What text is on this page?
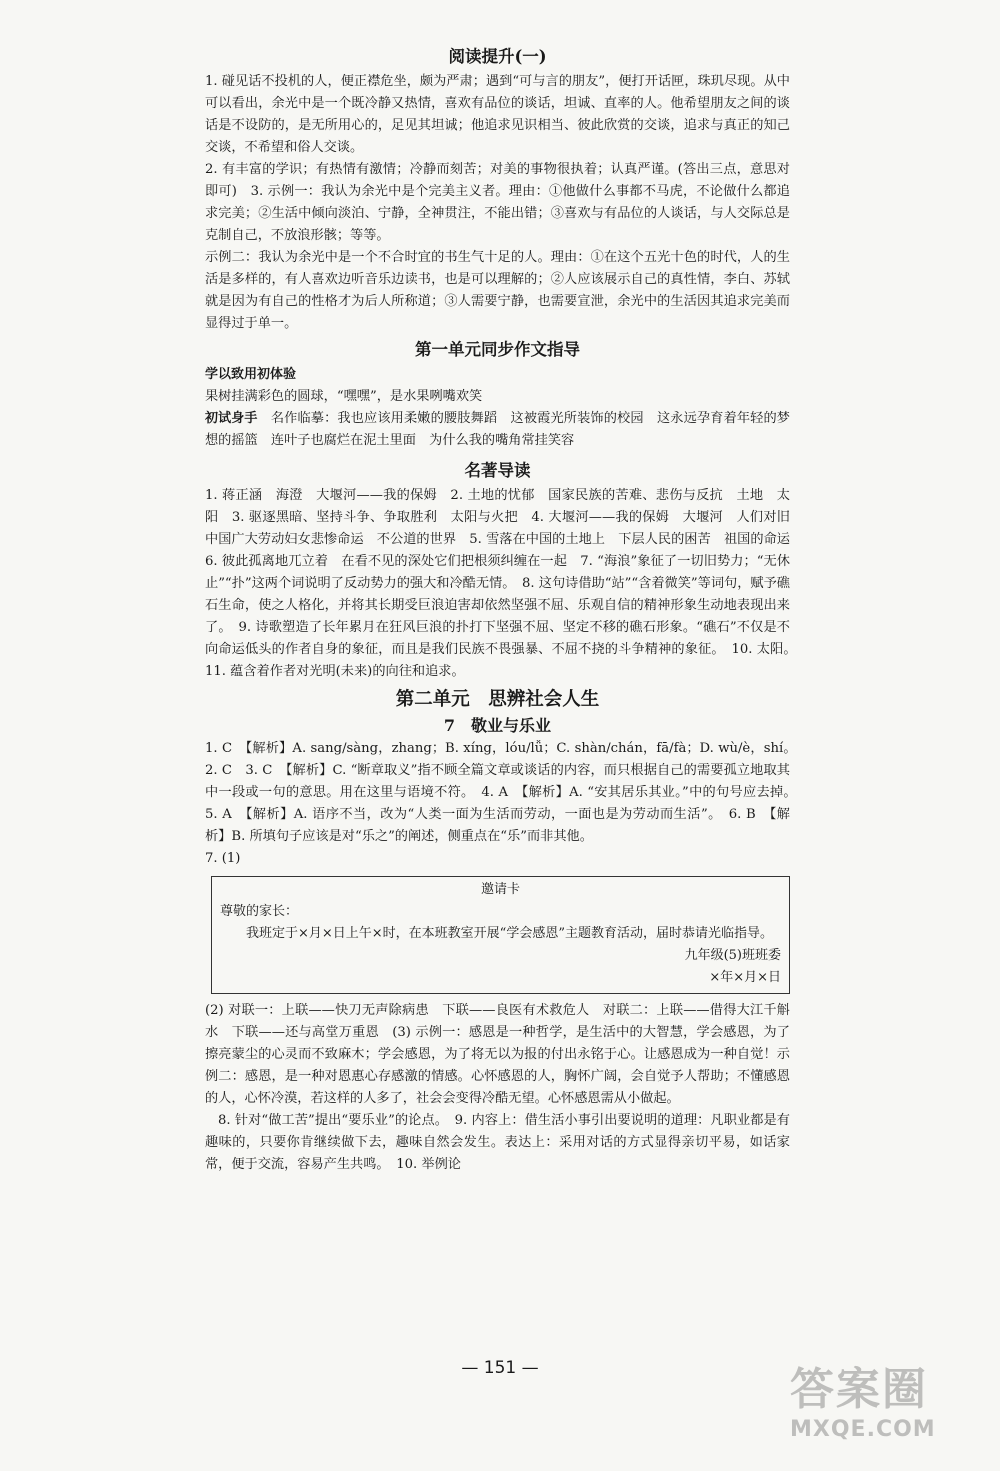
阅读提升(一)

1. 碰见话不投机的人，便正襟危坐，颇为严肃；遇到“可与言的朋友”，便打开话匣，珠玑尽现。从中可以看出，余光中是一个既冷静又热情，喜欢有品位的谈话，坦诚、直率的人。他希望朋友之间的谈话是不设防的，是无所用心的，足见其坦诚；他追求见识相当、彼此欣赏的交谈，追求与真正的知己交谈，不希望和俗人交谈。

2. 有丰富的学识；有热情有激情；冷静而刻苦；对美的事物很执着；认真严谨。(答出三点，意思对即可)　3. 示例一：我认为余光中是个完美主义者。理由：①他做什么事都不马虎，不论做什么都追求完美；②生活中倾向淡泊、宁静，全神贯注，不能出错；③喜欢与有品位的人谈话，与人交际总是克制自己，不放浪形骸；等等。

示例二：我认为余光中是一个不合时宜的书生气十足的人。理由：①在这个五光十色的时代，人的生活是多样的，有人喜欢边听音乐边读书，也是可以理解的；②人应该展示自己的真性情，李白、苏轼就是因为有自己的性格才为后人所称道；③人需要宁静，也需要宣泄，余光中的生活因其追求完美而显得过于单一。

第一单元同步作文指导
学以致用初体验

果树挂满彩色的圆球，“嘿嘿”，是水果咧嘴欢笑

初试身手　名作临摹：我也应该用柔嫩的腰肢舞蹈　这被霞光所装饰的校园　这永远孕育着年轻的梦想的摇篮　连叶子也腐烂在泥土里面　为什么我的嘴角常挂笑容

名著导读

1. 蒋正涵　海澄　大堰河——我的保姆　2. 土地的忧郁　国家民族的苦难、悲伤与反抗　土地　太阳　3. 驱逐黑暗、坚持斗争、争取胜利　太阳与火把　4. 大堰河——我的保姆　大堰河　人们对旧中国广大劳动妇女悲惨命运　不公道的世界　5. 雪落在中国的土地上　下层人民的困苦　祖国的命运　6. 彼此孤离地兀立着　在看不见的深处它们把根须纠缠在一起　7. “海浪”象征了一切旧势力；“无休止”“扑”这两个词说明了反动势力的强大和冷酷无情。　8. 这句诗借助“站”“含着微笑”等词句，赋予礁石生命，使之人格化，并将其长期受巨浪迫害却依然坚强不屈、乐观自信的精神形象生动地表现出来了。　9. 诗歌塑造了长年累月在狂风巨浪的扑打下坚强不屈、坚定不移的礁石形象。“礁石”不仅是不向命运低头的作者自身的象征，而且是我们民族不畏强暴、不屈不挠的斗争精神的象征。　10. 太阳。　11. 蕴含着作者对光明(未来)的向往和追求。

第二单元　思辨社会人生
7　敬业与乐业

1. C　【解析】A. sang/sàng，zhang；B. xíng，lóu/lǚ；C. shàn/chán，fā/fà；D. wù/è，shí。　2. C　3. C　【解析】C. “断章取义”指不顾全篇文章或谈话的内容，而只根据自己的需要孤立地取其中一段或一句的意思。用在这里与语境不符。　4. A　【解析】A. “安其居乐其业。”中的句号应去掉。　5. A　【解析】A. 语序不当，改为“人类一面为生活而劳动，一面也是为劳动而生活”。　6. B　【解析】B. 所填句子应该是对“乐之”的阐述，侧重点在“乐”而非其他。

7. (1)

邀请卡
尊敬的家长：
我班定于×月×日上午×时，在本班教室开展“学会感恩”主题教育活动，届时恭请光临指导。
九年级(5)班班委
×年×月×日

(2) 对联一：上联——快刀无声除病患　下联——良医有术救危人　对联二：上联——借得大江千斛水　下联——还与高堂万重恩　(3) 示例一：感恩是一种哲学，是生活中的大智慧，学会感恩，为了擦亮蒙尘的心灵而不致麻木；学会感恩，为了将无以为报的付出永铭于心。让感恩成为一种自觉！示例二：感恩，是一种对恩惠心存感激的情感。心怀感恩的人，胸怀广阔，会自觉予人帮助；不懂感恩的人，心怀冷漠，若这样的人多了，社会会变得冷酷无望。心怀感恩需从小做起。

8. 针对“做工苦”提出“要乐业”的论点。　9. 内容上：借生活小事引出要说明的道理：凡职业都是有趣味的，只要你肯继续做下去，趣味自然会发生。表达上：采用对话的方式显得亲切平易，如话家常，便于交流，容易产生共鸣。　10. 举例论

— 151 —	答案圈
MXQE.COM
